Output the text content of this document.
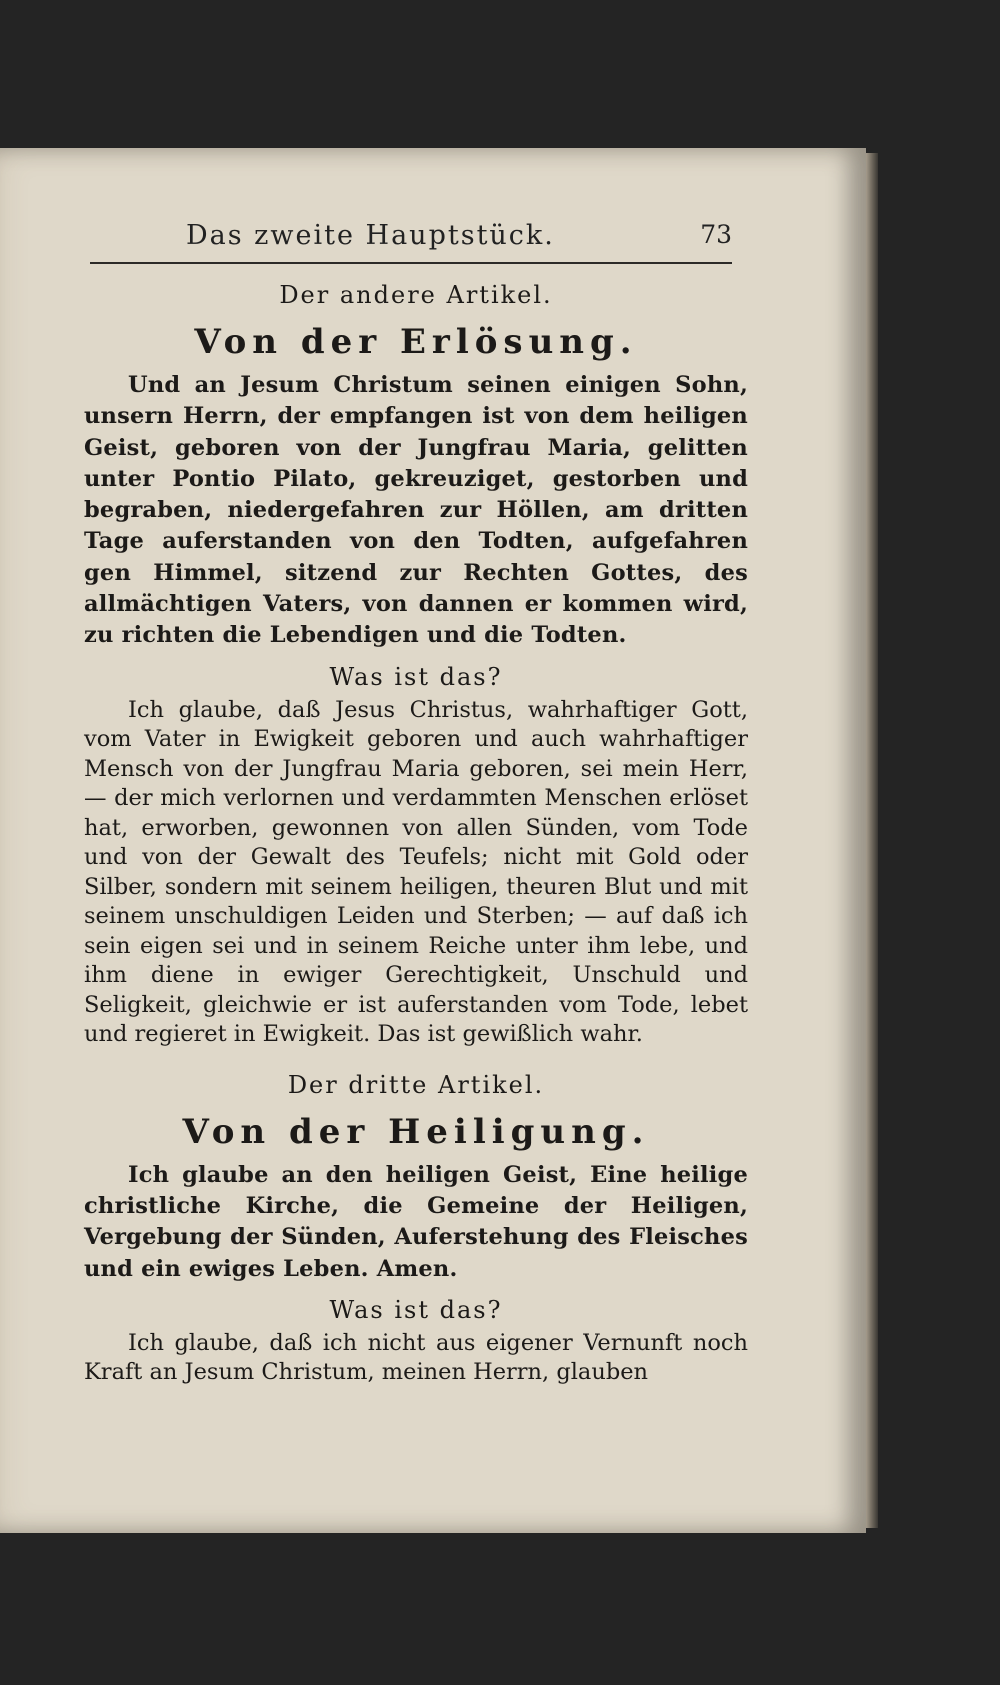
Das zweite Hauptstück.	73

Der andere Artikel.

Von der Erlösung.

Und an Jesum Christum seinen einigen Sohn, unsern Herrn, der empfangen ist von dem heiligen Geist, geboren von der Jungfrau Maria, gelitten unter Pontio Pilato, gekreuziget, gestorben und begraben, niedergefahren zur Höllen, am dritten Tage auferstanden von den Todten, aufgefahren gen Himmel, sitzend zur Rechten Gottes, des allmächtigen Vaters, von dannen er kommen wird, zu richten die Lebendigen und die Todten.

Was ist das?

Ich glaube, daß Jesus Christus, wahrhaftiger Gott, vom Vater in Ewigkeit geboren und auch wahrhaftiger Mensch von der Jungfrau Maria geboren, sei mein Herr, — der mich verlornen und verdammten Menschen erlöset hat, erworben, gewonnen von allen Sünden, vom Tode und von der Gewalt des Teufels; nicht mit Gold oder Silber, sondern mit seinem heiligen, theuren Blut und mit seinem unschuldigen Leiden und Sterben; — auf daß ich sein eigen sei und in seinem Reiche unter ihm lebe, und ihm diene in ewiger Gerechtigkeit, Unschuld und Seligkeit, gleichwie er ist auferstanden vom Tode, lebet und regieret in Ewigkeit. Das ist gewißlich wahr.

Der dritte Artikel.

Von der Heiligung.

Ich glaube an den heiligen Geist, Eine heilige christliche Kirche, die Gemeine der Heiligen, Vergebung der Sünden, Auferstehung des Fleisches und ein ewiges Leben. Amen.

Was ist das?

Ich glaube, daß ich nicht aus eigener Vernunft noch Kraft an Jesum Christum, meinen Herrn, glauben
